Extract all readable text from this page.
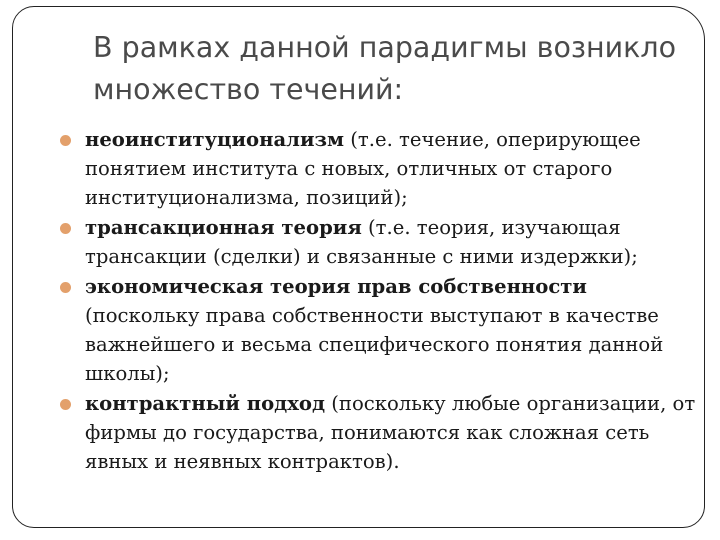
В рамках данной парадигмы возникло множество течений:
неоинституционализм (т.е. течение, оперирующее понятием института с новых, отличных от старого институционализма, позиций);
трансакционная теория (т.е. теория, изучающая трансакции (сделки) и связанные с ними издержки);
экономическая теория прав собственности (поскольку права собственности выступают в качестве важнейшего и весьма специфического понятия данной школы);
контрактный подход (поскольку любые организации, от фирмы до государства, понимаются как сложная сеть явных и неявных контрактов).
